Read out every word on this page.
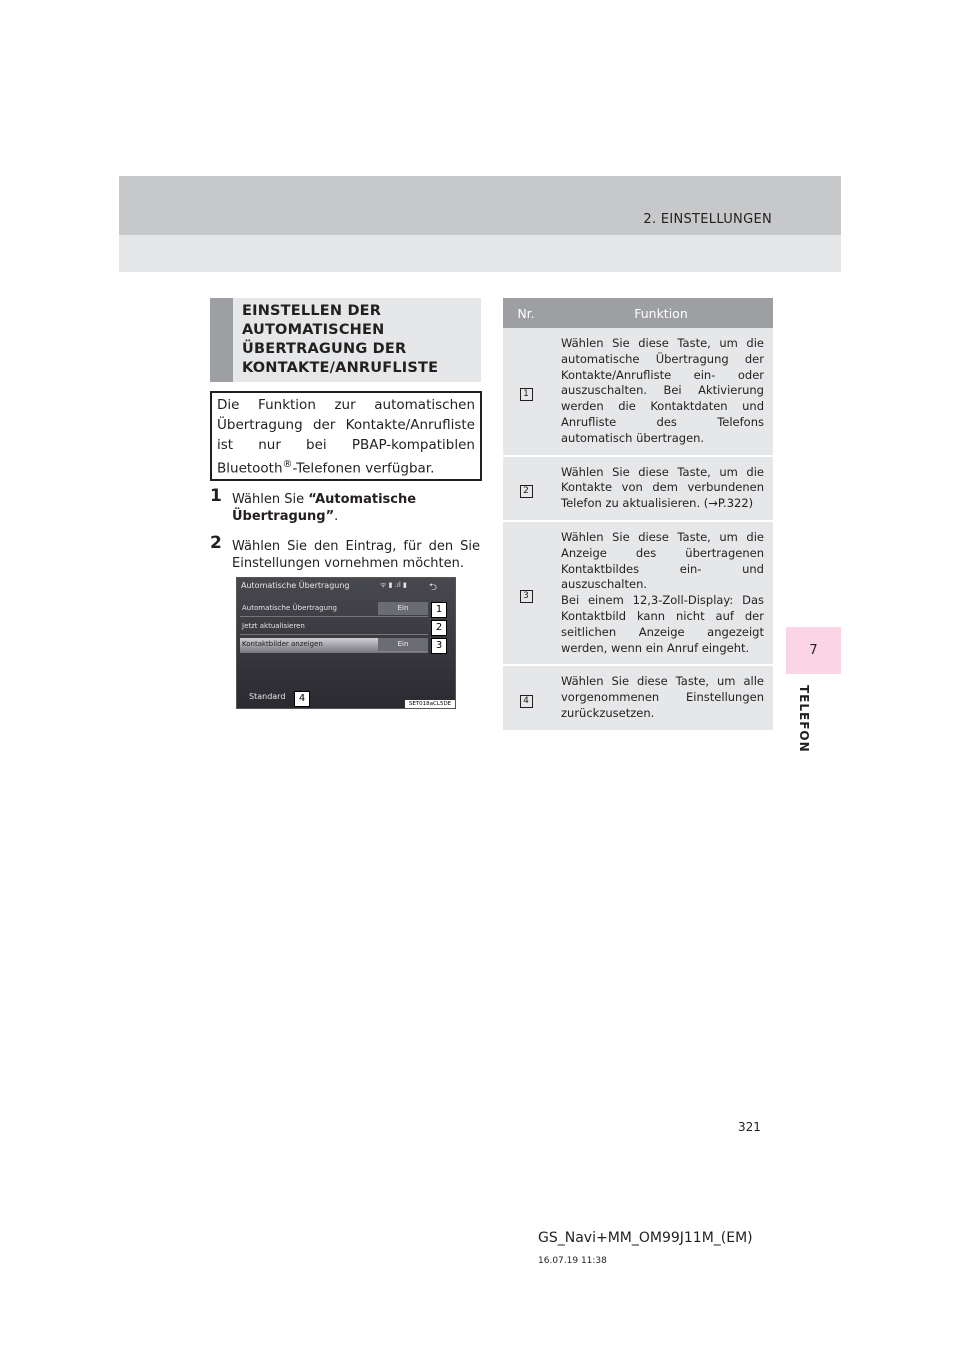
2. EINSTELLUNGEN
7
TELEFON
EINSTELLEN DER
AUTOMATISCHEN
ÜBERTRAGUNG DER
KONTAKTE/ANRUFLISTE
Die Funktion zur automatischen Übertragung der Kontakte/Anrufliste ist nur bei PBAP-kompatiblen Bluetooth®-Telefonen verfügbar.
1 Wählen Sie “Automatische Übertragung”.
2 Wählen Sie den Eintrag, für den Sie Einstellungen vornehmen möchten.
Automatische Übertragung	ᯤ ▮ .ıl ▮ ⮌
Automatische Übertragung	Ein
Jetzt aktualisieren
Kontaktbilder anzeigen	Ein
Standard
SET018aCL5DE
1
2
3
4
Nr.	Funktion
1	Wählen Sie diese Taste, um die automatische Übertragung der Kontakte/Anrufliste ein- oder auszuschalten. Bei Aktivierung werden die Kontaktdaten und Anrufliste des Telefons automatisch übertragen.
2	Wählen Sie diese Taste, um die Kontakte von dem verbundenen Telefon zu aktualisieren. (→P.322)
3	Wählen Sie diese Taste, um die Anzeige des übertragenen Kontaktbildes ein- und auszuschalten.
Bei einem 12,3-Zoll-Display: Das Kontaktbild kann nicht auf der seitlichen Anzeige angezeigt werden, wenn ein Anruf eingeht.
4	Wählen Sie diese Taste, um alle vorgenommenen Einstellungen zurückzusetzen.
321
GS_Navi+MM_OM99J11M_(EM)
16.07.19 11:38
